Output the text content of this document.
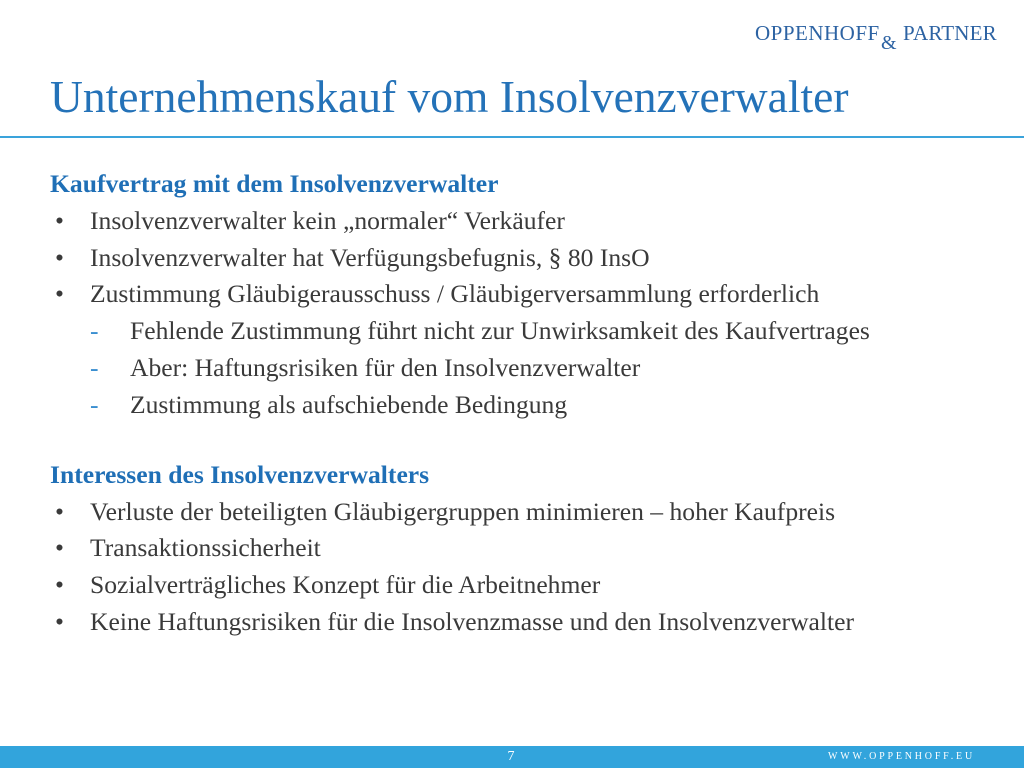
OPPENHOFF & PARTNER
Unternehmenskauf vom Insolvenzverwalter
Kaufvertrag mit dem Insolvenzverwalter
• Insolvenzverwalter kein „normaler“ Verkäufer
• Insolvenzverwalter hat Verfügungsbefugnis, § 80 InsO
• Zustimmung Gläubigerausschuss / Gläubigerversammlung erforderlich
- Fehlende Zustimmung führt nicht zur Unwirksamkeit des Kaufvertrages
- Aber: Haftungsrisiken für den Insolvenzverwalter
- Zustimmung als aufschiebende Bedingung
Interessen des Insolvenzverwalters
• Verluste der beteiligten Gläubigergruppen minimieren – hoher Kaufpreis
• Transaktionssicherheit
• Sozialverträgliches Konzept für die Arbeitnehmer
• Keine Haftungsrisiken für die Insolvenzmasse und den Insolvenzverwalter
7	WWW.OPPENHOFF.EU
